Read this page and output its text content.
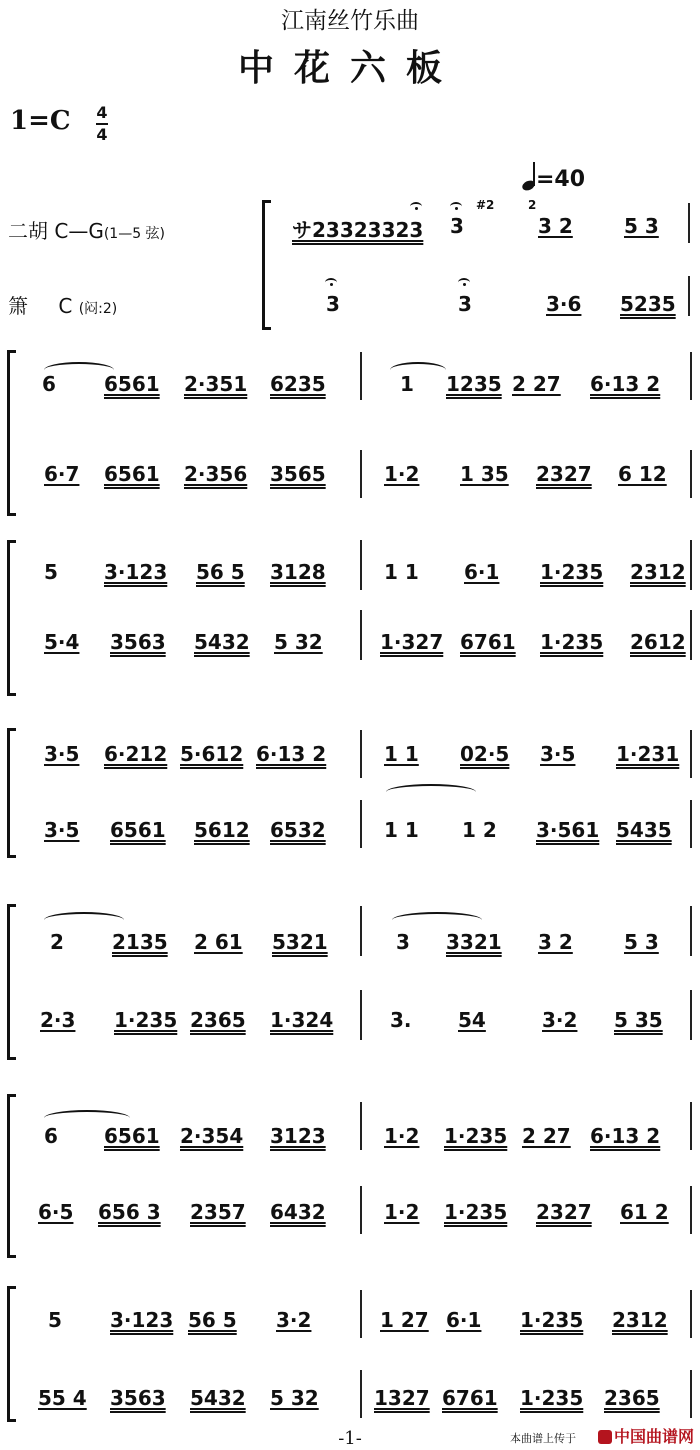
江南丝竹乐曲
中花六板
1=C 4
4
=40
二胡 C—G(1—5 弦)
箫 C (闷:2)
#2	2
サ23323323 3	3 2	5 3
3	3	3·6 5235
6 6561 2·351 6235	1 1235 2 27 6·13 2
6·7 6561 2·356 3565	1·2 1 35 2327 6 12
5 3·123 56 5 3128	1 1 6·1 1·235 2312
5·4 3563 5432 5 32	1·327 6761 1·235 2612
3·5 6·212 5·612 6·13 2	1 1 02·5 3·5 1·231
3·5 6561 5612 6532	1 1 1 2 3·561 5435
2 2135 2 61 5321	3 3321 3 2	5 3
2·3 1·235 2365 1·324	3. 54	3·2 5 35
6 6561 2·354 3123	1·2 1·235 2 27 6·13 2
6·5 656 3 2357 6432	1·2 1·235 2327 61 2
5 3·123 56 5 3·2	1 27 6·1 1·235 2312
55 4 3563 5432 5 32	1327 6761 1·235 2365
-1-	本曲谱上传于	中国曲谱网
